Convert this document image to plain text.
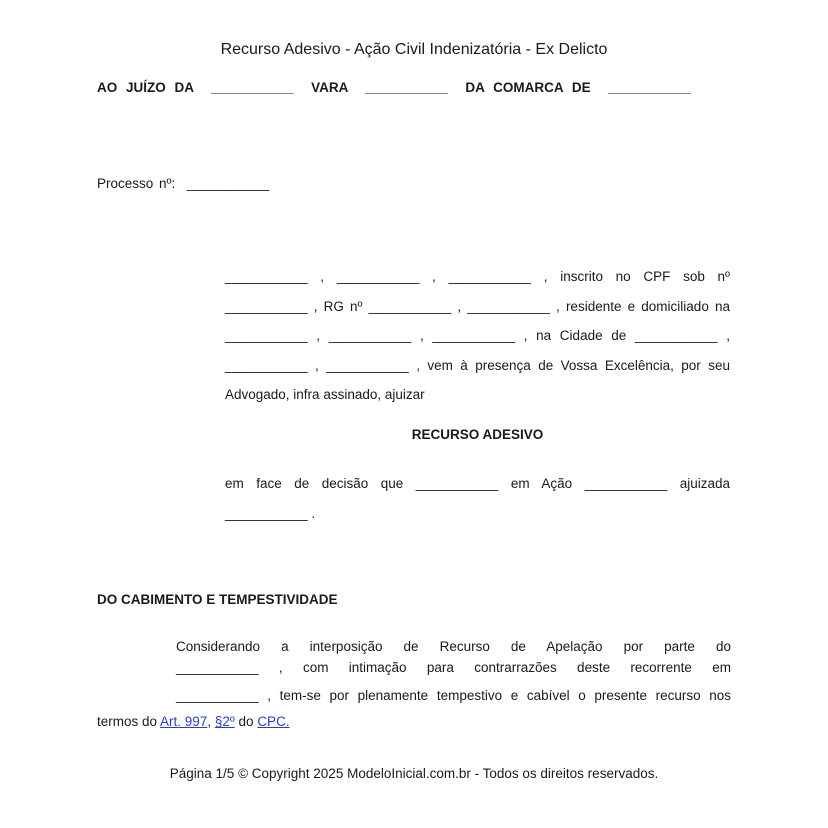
Recurso Adesivo - Ação Civil Indenizatória - Ex Delicto
AO JUÍZO DA  ___________  VARA  ___________  DA COMARCA DE  ___________
Processo nº:  ___________
___________ , ___________ , ___________ , inscrito no CPF sob nº
___________ , RG nº ___________ , ___________ , residente e domiciliado na
___________ , ___________ , ___________ , na Cidade de ___________ ,
___________ , ___________ , vem à presença de Vossa Excelência, por seu
Advogado, infra assinado, ajuizar
RECURSO ADESIVO
em face de decisão que ___________ em Ação ___________ ajuizada
___________ .
DO CABIMENTO E TEMPESTIVIDADE
Considerando a interposição de Recurso de Apelação por parte do
___________ , com intimação para contrarrazões deste recorrente em
___________ , tem-se por plenamente tempestivo e cabível o presente recurso nos
termos do Art. 997, §2º do CPC.
Página 1/5 © Copyright 2025 ModeloInicial.com.br - Todos os direitos reservados.
